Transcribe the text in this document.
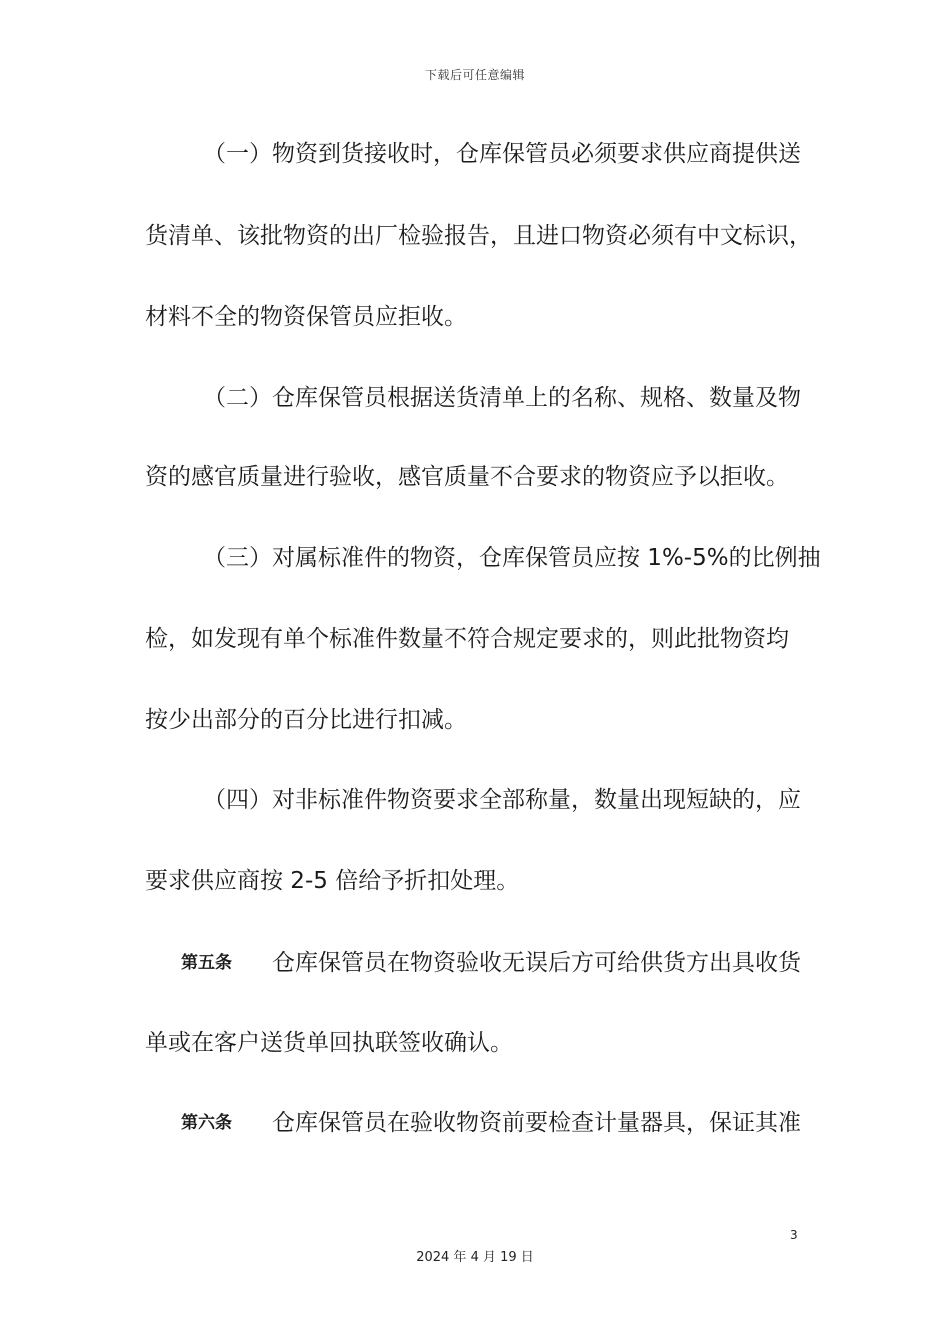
下载后可任意编辑
（一）物资到货接收时，仓库保管员必须要求供应商提供送
货清单、该批物资的出厂检验报告，且进口物资必须有中文标识，
材料不全的物资保管员应拒收。
（二）仓库保管员根据送货清单上的名称、规格、数量及物
资的感官质量进行验收，感官质量不合要求的物资应予以拒收。
（三）对属标准件的物资，仓库保管员应按 1%-5%的比例抽
检，如发现有单个标准件数量不符合规定要求的，则此批物资均
按少出部分的百分比进行扣减。
（四）对非标准件物资要求全部称量，数量出现短缺的，应
要求供应商按 2-5 倍给予折扣处理。
第五条 仓库保管员在物资验收无误后方可给供货方出具收货
单或在客户送货单回执联签收确认。
第六条 仓库保管员在验收物资前要检查计量器具，保证其准
3
2024 年 4 月 19 日
